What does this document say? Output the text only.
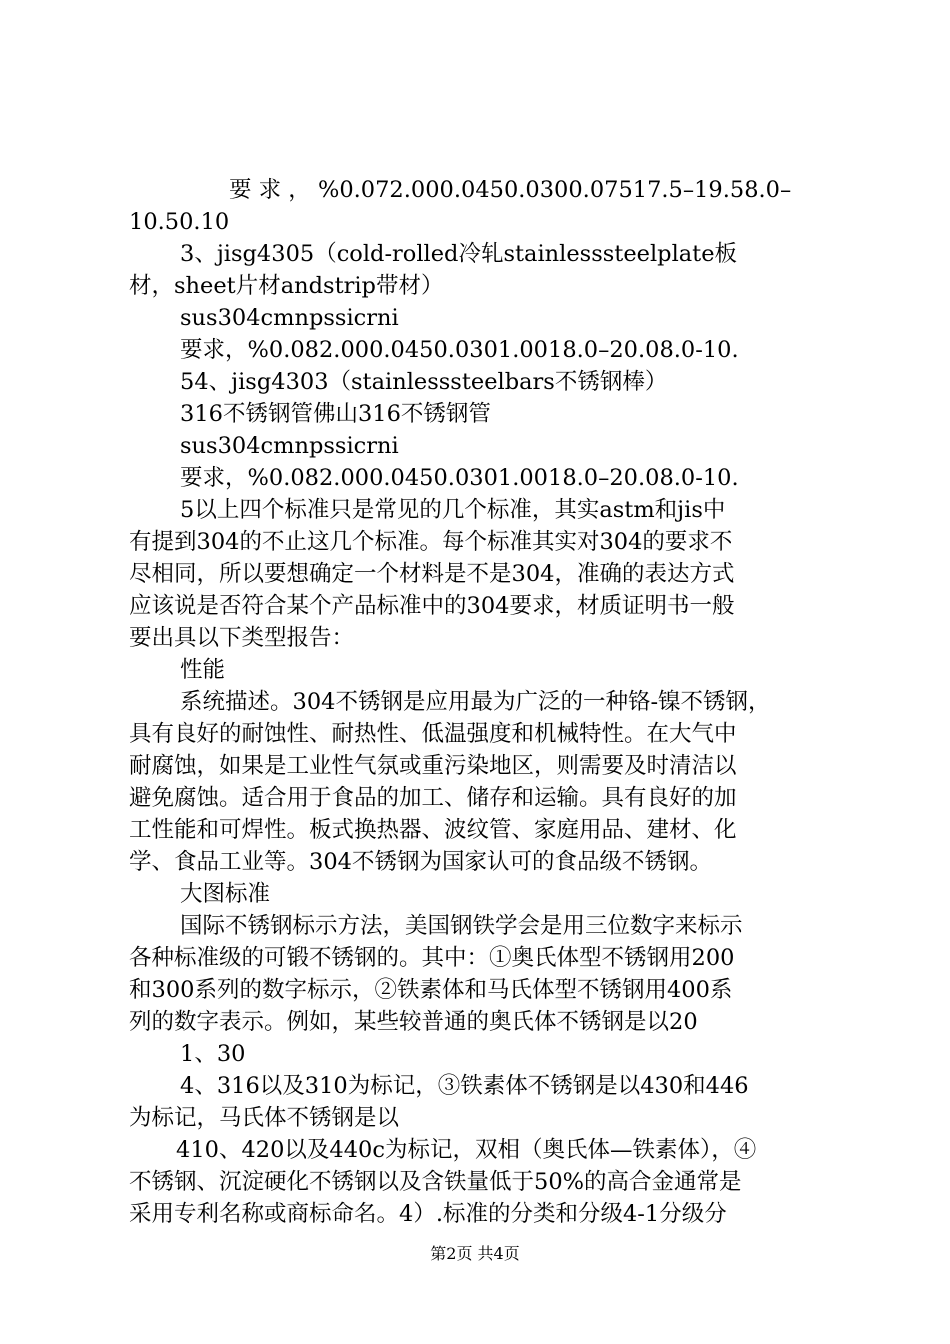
要 求 ， %0.072.000.0450.0300.07517.5–19.58.0–
10.50.10
3、jisg4305（cold-rolled冷轧stainlesssteelplate板
材，sheet片材andstrip带材）
sus304cmnpssicrni
要求，%0.082.000.0450.0301.0018.0–20.08.0-10.
54、jisg4303（stainlesssteelbars不锈钢棒）
316不锈钢管佛山316不锈钢管
sus304cmnpssicrni
要求，%0.082.000.0450.0301.0018.0–20.08.0-10.
5以上四个标准只是常见的几个标准，其实astm和jis中
有提到304的不止这几个标准。每个标准其实对304的要求不
尽相同，所以要想确定一个材料是不是304，准确的表达方式
应该说是否符合某个产品标准中的304要求，材质证明书一般
要出具以下类型报告：
性能
系统描述。304不锈钢是应用最为广泛的一种铬-镍不锈钢，
具有良好的耐蚀性、耐热性、低温强度和机械特性。在大气中
耐腐蚀，如果是工业性气氛或重污染地区，则需要及时清洁以
避免腐蚀。适合用于食品的加工、储存和运输。具有良好的加
工性能和可焊性。板式换热器、波纹管、家庭用品、建材、化
学、食品工业等。304不锈钢为国家认可的食品级不锈钢。
大图标准
国际不锈钢标示方法，美国钢铁学会是用三位数字来标示
各种标准级的可锻不锈钢的。其中：①奥氏体型不锈钢用200
和300系列的数字标示，②铁素体和马氏体型不锈钢用400系
列的数字表示。例如，某些较普通的奥氏体不锈钢是以20
1、30
4、316以及310为标记，③铁素体不锈钢是以430和446
为标记，马氏体不锈钢是以
410、420以及440c为标记，双相（奥氏体—铁素体），④
不锈钢、沉淀硬化不锈钢以及含铁量低于50%的高合金通常是
采用专利名称或商标命名。4）.标准的分类和分级4-1分级分
第2页 共4页
